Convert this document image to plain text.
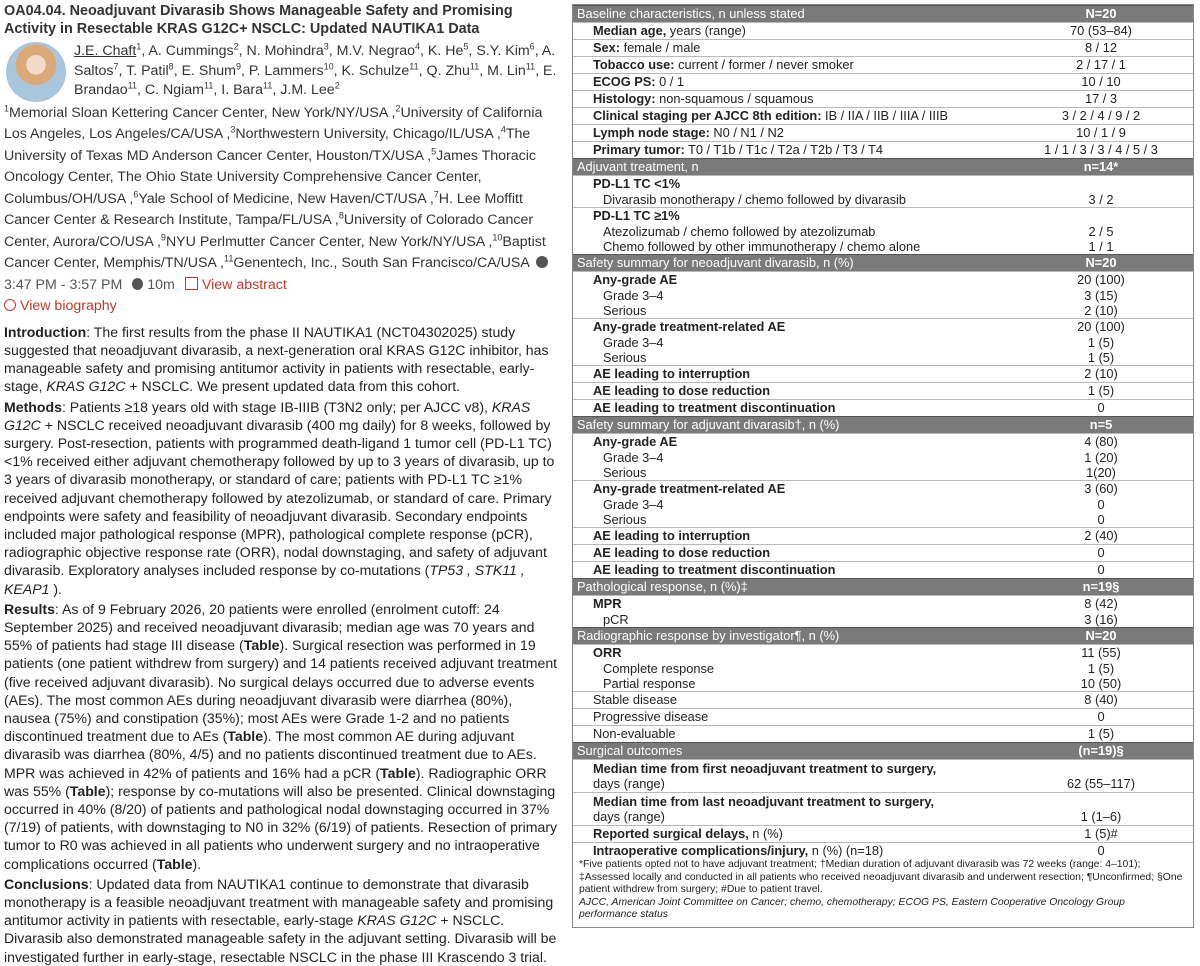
OA04.04. Neoadjuvant Divarasib Shows Manageable Safety and Promising Activity in Resectable KRAS G12C+ NSCLC: Updated NAUTIKA1 Data
J.E. Chaft$^1$, A. Cummings$^2$, N. Mohindra$^3$, M.V. Negrao$^4$, K. He$^5$, S.Y. Kim$^6$, A. Saltos$^7$, T. Patil$^8$, E. Shum$^9$, P. Lammers$^{10}$, K. Schulze$^{11}$, Q. Zhu$^{11}$, M. Lin$^{11}$, E. Brandao$^{11}$, C. Ngiam$^{11}$, I. Bara$^{11}$, J.M. Lee$^2$
$^1$Memorial Sloan Kettering Cancer Center, New York/NY/USA ,$^2$University of California Los Angeles, Los Angeles/CA/USA ,$^3$Northwestern University, Chicago/IL/USA ,$^4$The University of Texas MD Anderson Cancer Center, Houston/TX/USA ,$^5$James Thoracic Oncology Center, The Ohio State University Comprehensive Cancer Center, Columbus/OH/USA ,$^6$Yale School of Medicine, New Haven/CT/USA ,$^7$H. Lee Moffitt Cancer Center & Research Institute, Tampa/FL/USA ,$^8$University of Colorado Cancer Center, Aurora/CO/USA ,$^9$NYU Perlmutter Cancer Center, New York/NY/USA ,$^{10}$Baptist Cancer Center, Memphis/TN/USA ,$^{11}$Genentech, Inc., South San Francisco/CA/USA3:47 PM - 3:57 PM 10m View abstract
View biography

Introduction: The first results from the phase II NAUTIKA1 (NCT04302025) study suggested that neoadjuvant divarasib, a next-generation oral KRAS G12C inhibitor, has manageable safety and promising antitumor activity in patients with resectable, early-stage, KRAS G12C + NSCLC. We present updated data from this cohort.

Methods: Patients ≥18 years old with stage IB-IIIB (T3N2 only; per AJCC v8), KRAS G12C + NSCLC received neoadjuvant divarasib (400 mg daily) for 8 weeks, followed by surgery. Post-resection, patients with programmed death-ligand 1 tumor cell (PD-L1 TC) <1% received either adjuvant chemotherapy followed by up to 3 years of divarasib, up to 3 years of divarasib monotherapy, or standard of care; patients with PD-L1 TC ≥1% received adjuvant chemotherapy followed by atezolizumab, or standard of care. Primary endpoints were safety and feasibility of neoadjuvant divarasib. Secondary endpoints included major pathological response (MPR), pathological complete response (pCR), radiographic objective response rate (ORR), nodal downstaging, and safety of adjuvant divarasib. Exploratory analyses included response by co-mutations (TP53 , STK11 , KEAP1 ).

Results: As of 9 February 2026, 20 patients were enrolled (enrolment cutoff: 24 September 2025) and received neoadjuvant divarasib; median age was 70 years and 55% of patients had stage III disease (Table). Surgical resection was performed in 19 patients (one patient withdrew from surgery) and 14 patients received adjuvant treatment (five received adjuvant divarasib). No surgical delays occurred due to adverse events (AEs). The most common AEs during neoadjuvant divarasib were diarrhea (80%), nausea (75%) and constipation (35%); most AEs were Grade 1-2 and no patients discontinued treatment due to AEs (Table). The most common AE during adjuvant divarasib was diarrhea (80%, 4/5) and no patients discontinued treatment due to AEs. MPR was achieved in 42% of patients and 16% had a pCR (Table). Radiographic ORR was 55% (Table); response by co-mutations will also be presented. Clinical downstaging occurred in 40% (8/20) of patients and pathological nodal downstaging occurred in 37% (7/19) of patients, with downstaging to N0 in 32% (6/19) of patients. Resection of primary tumor to R0 was achieved in all patients who underwent surgery and no intraoperative complications occurred (Table).

Conclusions: Updated data from NAUTIKA1 continue to demonstrate that divarasib monotherapy is a feasible neoadjuvant treatment with manageable safety and promising antitumor activity in patients with resectable, early-stage KRAS G12C + NSCLC. Divarasib also demonstrated manageable safety in the adjuvant setting. Divarasib will be investigated further in early-stage, resectable NSCLC in the phase III Krascendo 3 trial.

Baseline characteristics, n unless stated	N=20
Median age, years (range)	70 (53–84)
Sex: female / male	8 / 12
Tobacco use: current / former / never smoker	2 / 17 / 1
ECOG PS: 0 / 1	10 / 10
Histology: non-squamous / squamous	17 / 3
Clinical staging per AJCC 8th edition: IB / IIA / IIB / IIIA / IIIB	3 / 2 / 4 / 9 / 2
Lymph node stage: N0 / N1 / N2	10 / 1 / 9
Primary tumor: T0 / T1b / T1c / T2a / T2b / T3 / T4	1 / 1 / 3 / 3 / 4 / 5 / 3
Adjuvant treatment, n	n=14*
PD-L1 TC <1%
Divarasib monotherapy / chemo followed by divarasib	3 / 2
PD-L1 TC ≥1%
Atezolizumab / chemo followed by atezolizumab	2 / 5
Chemo followed by other immunotherapy / chemo alone	1 / 1
Safety summary for neoadjuvant divarasib, n (%)	N=20
Any-grade AE	20 (100)
Grade 3–4	3 (15)
Serious	2 (10)
Any-grade treatment-related AE	20 (100)
Grade 3–4	1 (5)
Serious	1 (5)
AE leading to interruption	2 (10)
AE leading to dose reduction	1 (5)
AE leading to treatment discontinuation	0
Safety summary for adjuvant divarasib†, n (%)	n=5
Any-grade AE	4 (80)
Grade 3–4	1 (20)
Serious	1(20)
Any-grade treatment-related AE	3 (60)
Grade 3–4	0
Serious	0
AE leading to interruption	2 (40)
AE leading to dose reduction	0
AE leading to treatment discontinuation	0
Pathological response, n (%)‡	n=19§
MPR	8 (42)
pCR	3 (16)
Radiographic response by investigator¶, n (%)	N=20
ORR	11 (55)
Complete response	1 (5)
Partial response	10 (50)
Stable disease	8 (40)
Progressive disease	0
Non-evaluable	1 (5)
Surgical outcomes	(n=19)§
Median time from first neoadjuvant treatment to surgery,
days (range)	62 (55–117)
Median time from last neoadjuvant treatment to surgery,
days (range)	1 (1–6)
Reported surgical delays, n (%)	1 (5)#
Intraoperative complications/injury, n (%) (n=18)	0
*Five patients opted not to have adjuvant treatment; †Median duration of adjuvant divarasib was 72 weeks (range: 4–101); ‡Assessed locally and conducted in all patients who received neoadjuvant divarasib and underwent resection; ¶Unconfirmed; §One patient withdrew from surgery; #Due to patient travel.
AJCC, American Joint Committee on Cancer; chemo, chemotherapy; ECOG PS, Eastern Cooperative Oncology Group performance status
